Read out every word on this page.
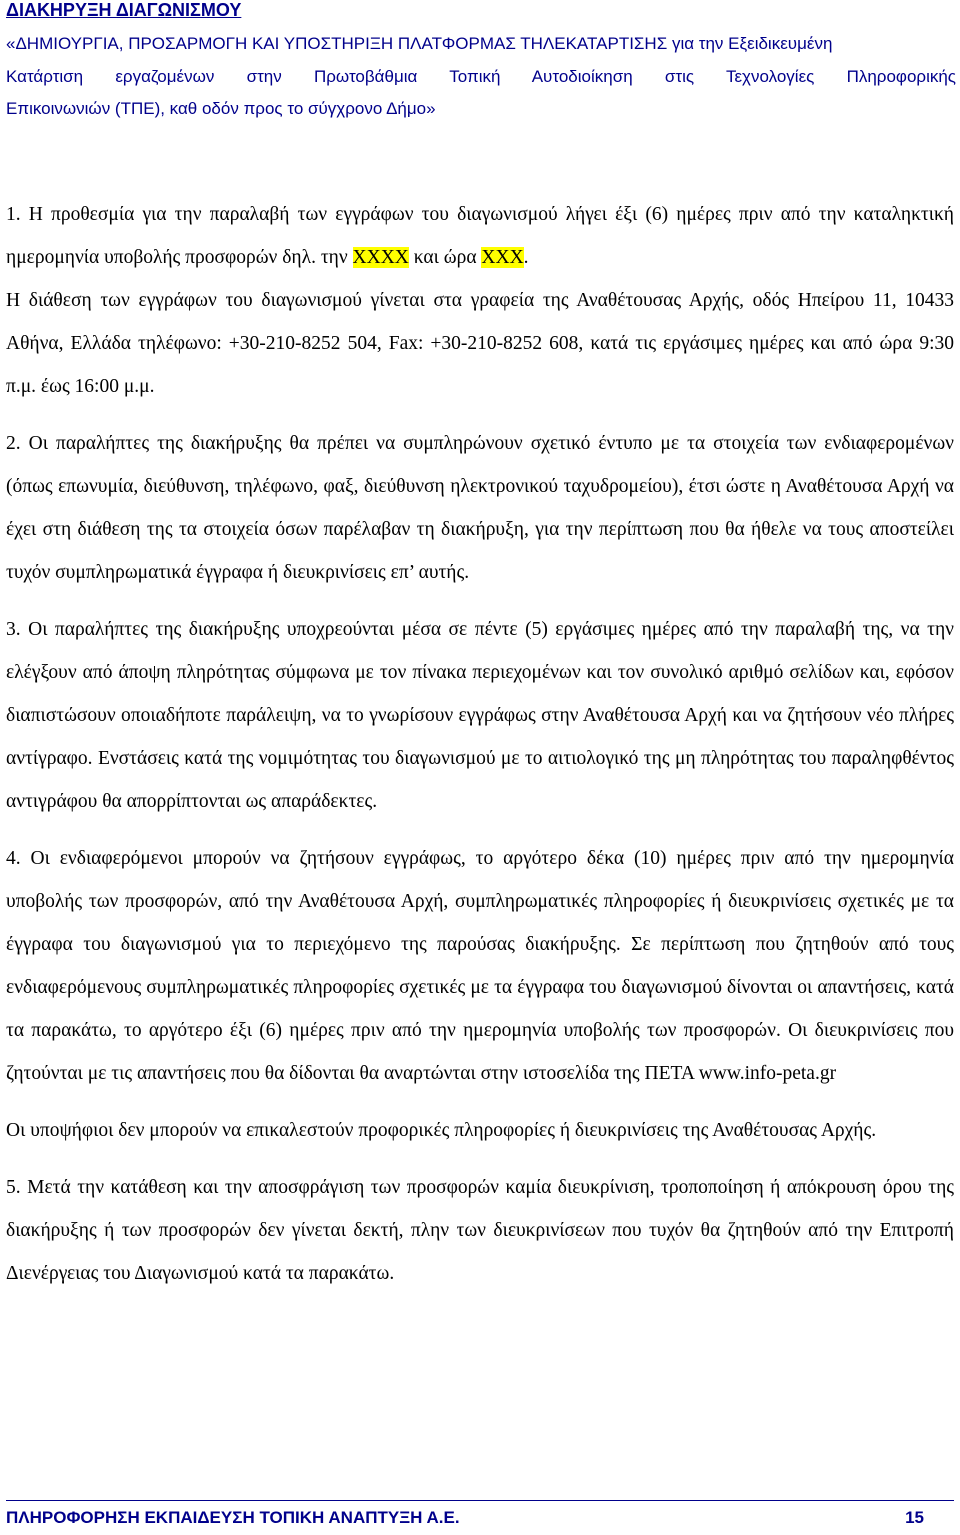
ΔΙΑΚΗΡΥΞΗ ΔΙΑΓΩΝΙΣΜΟΥ
«ΔΗΜΙΟΥΡΓΙΑ, ΠΡΟΣΑΡΜΟΓΗ ΚΑΙ ΥΠΟΣΤΗΡΙΞΗ ΠΛΑΤΦΟΡΜΑΣ ΤΗΛΕΚΑΤΑΡΤΙΣΗΣ για την Εξειδικευμένη
Κατάρτιση εργαζομένων στην Πρωτοβάθμια Τοπική Αυτοδιοίκηση στις Τεχνολογίες Πληροφορικής
Επικοινωνιών (ΤΠΕ), καθ οδόν προς το σύγχρονο Δήμο»

1. Η προθεσμία για την παραλαβή των εγγράφων του διαγωνισμού λήγει έξι (6) ημέρες πριν από την καταληκτική ημερομηνία υποβολής προσφορών δηλ. την ΧΧΧΧ και ώρα ΧΧΧ.

Η διάθεση των εγγράφων του διαγωνισμού γίνεται στα γραφεία της Αναθέτουσας Αρχής, οδός Ηπείρου 11, 10433 Αθήνα, Ελλάδα τηλέφωνο: +30-210-8252 504, Fax: +30-210-8252 608, κατά τις εργάσιμες ημέρες και από ώρα 9:30 π.μ. έως 16:00 μ.μ.

2. Οι παραλήπτες της διακήρυξης θα πρέπει να συμπληρώνουν σχετικό έντυπο με τα στοιχεία των ενδιαφερομένων (όπως επωνυμία, διεύθυνση, τηλέφωνο, φαξ, διεύθυνση ηλεκτρονικού ταχυδρομείου), έτσι ώστε η Αναθέτουσα Αρχή να έχει στη διάθεση της τα στοιχεία όσων παρέλαβαν τη διακήρυξη, για την περίπτωση που θα ήθελε να τους αποστείλει τυχόν συμπληρωματικά έγγραφα ή διευκρινίσεις επ’ αυτής.

3. Οι παραλήπτες της διακήρυξης υποχρεούνται μέσα σε πέντε (5) εργάσιμες ημέρες από την παραλαβή της, να την ελέγξουν από άποψη πληρότητας σύμφωνα με τον πίνακα περιεχομένων και τον συνολικό αριθμό σελίδων και, εφόσον διαπιστώσουν οποιαδήποτε παράλειψη, να το γνωρίσουν εγγράφως στην Αναθέτουσα Αρχή και να ζητήσουν νέο πλήρες αντίγραφο. Ενστάσεις κατά της νομιμότητας του διαγωνισμού με το αιτιολογικό της μη πληρότητας του παραληφθέντος αντιγράφου θα απορρίπτονται ως απαράδεκτες.

4. Οι ενδιαφερόμενοι μπορούν να ζητήσουν εγγράφως, το αργότερο δέκα (10) ημέρες πριν από την ημερομηνία υποβολής των προσφορών, από την Αναθέτουσα Αρχή, συμπληρωματικές πληροφορίες ή διευκρινίσεις σχετικές με τα έγγραφα του διαγωνισμού για το περιεχόμενο της παρούσας διακήρυξης. Σε περίπτωση που ζητηθούν από τους ενδιαφερόμενους συμπληρωματικές πληροφορίες σχετικές με τα έγγραφα του διαγωνισμού δίνονται οι απαντήσεις, κατά τα παρακάτω, το αργότερο έξι (6) ημέρες πριν από την ημερομηνία υποβολής των προσφορών. Οι διευκρινίσεις που ζητούνται με τις απαντήσεις που θα δίδονται θα αναρτώνται στην ιστοσελίδα της ΠΕΤΑ www.info-peta.gr

Οι υποψήφιοι δεν μπορούν να επικαλεστούν προφορικές πληροφορίες ή διευκρινίσεις της Αναθέτουσας Αρχής.

5. Μετά την κατάθεση και την αποσφράγιση των προσφορών καμία διευκρίνιση, τροποποίηση ή απόκρουση όρου της διακήρυξης ή των προσφορών δεν γίνεται δεκτή, πλην των διευκρινίσεων που τυχόν θα ζητηθούν από την Επιτροπή Διενέργειας του Διαγωνισμού κατά τα παρακάτω.

ΠΛΗΡΟΦΟΡΗΣΗ ΕΚΠΑΙΔΕΥΣΗ ΤΟΠΙΚΗ ΑΝΑΠΤΥΞΗ Α.Ε.	15
